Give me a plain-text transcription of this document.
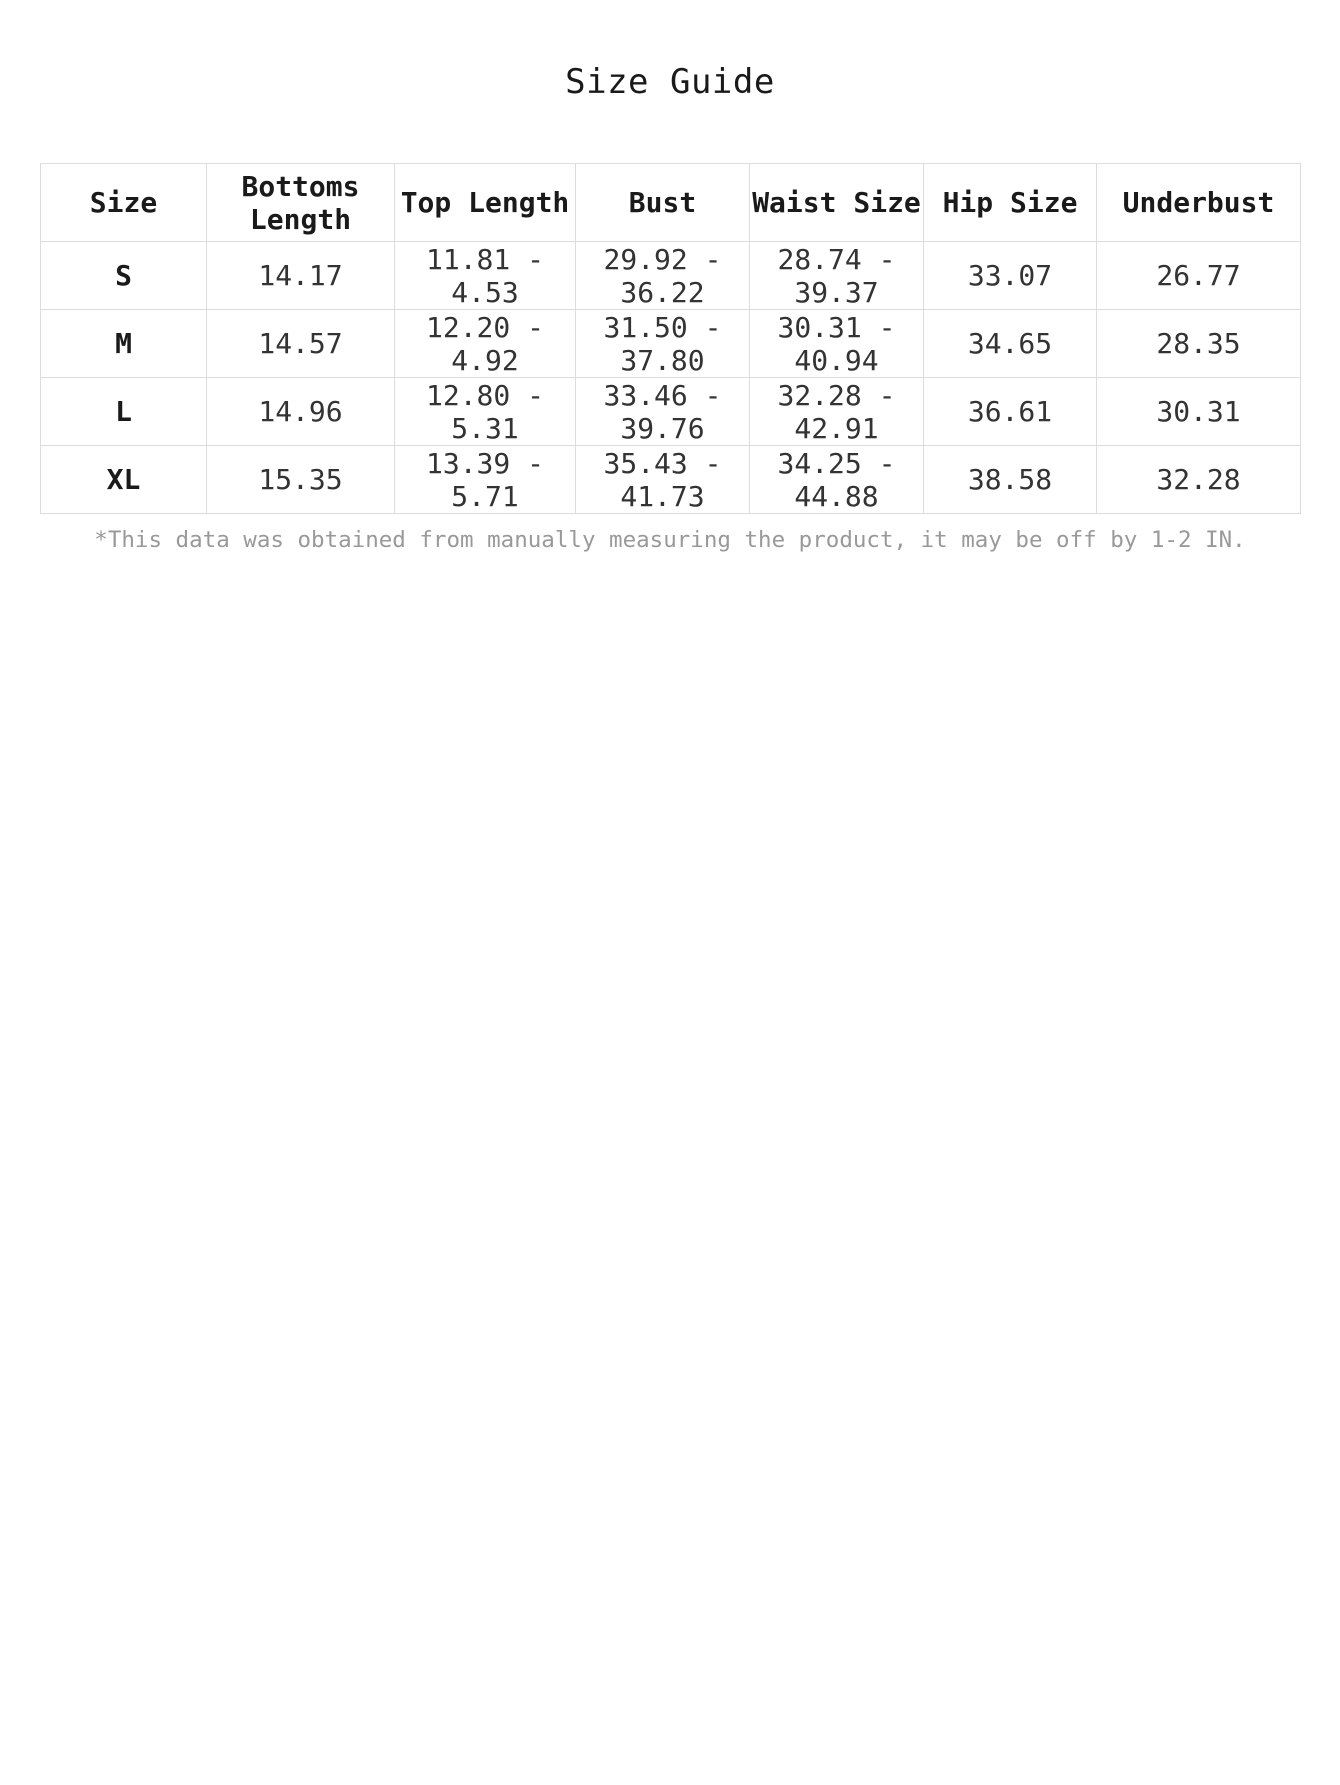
Size Guide
Size	Bottoms Length	Top Length	Bust	Waist Size	Hip Size	Underbust
S	14.17	11.81 - 4.53	29.92 - 36.22	28.74 - 39.37	33.07	26.77
M	14.57	12.20 - 4.92	31.50 - 37.80	30.31 - 40.94	34.65	28.35
L	14.96	12.80 - 5.31	33.46 - 39.76	32.28 - 42.91	36.61	30.31
XL	15.35	13.39 - 5.71	35.43 - 41.73	34.25 - 44.88	38.58	32.28
*This data was obtained from manually measuring the product, it may be off by 1-2 IN.
